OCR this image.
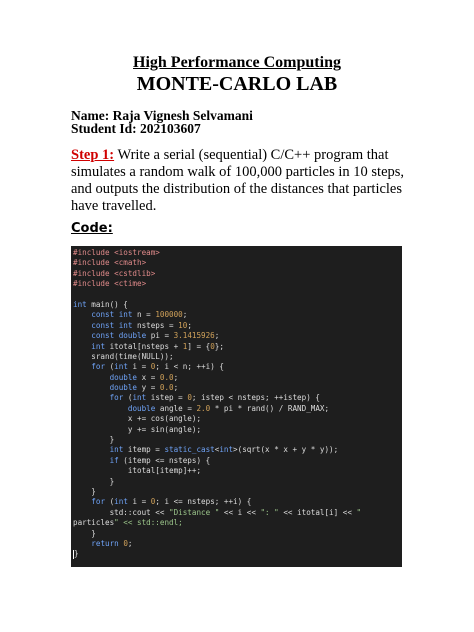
High Performance Computing
MONTE-CARLO LAB
Name: Raja Vignesh Selvamani
Student Id: 202103607
Step 1: Write a serial (sequential) C/C++ program that simulates a random walk of 100,000 particles in 10 steps, and outputs the distribution of the distances that particles have travelled.
Code:
#include <iostream>
#include <cmath>
#include <cstdlib>
#include <ctime>

int main() {
const int n = 100000;
const int nsteps = 10;
const double pi = 3.1415926;
int itotal[nsteps + 1] = {0};
srand(time(NULL));
for (int i = 0; i < n; ++i) {
double x = 0.0;
double y = 0.0;
for (int istep = 0; istep < nsteps; ++istep) {
double angle = 2.0 * pi * rand() / RAND_MAX;
x += cos(angle);
y += sin(angle);
}
int itemp = static_cast<int>(sqrt(x * x + y * y));
if (itemp <= nsteps) {
itotal[itemp]++;
}
}
for (int i = 0; i <= nsteps; ++i) {
std::cout << "Distance " << i << ": " << itotal[i] << "
particles" << std::endl;
}
return 0;
}
